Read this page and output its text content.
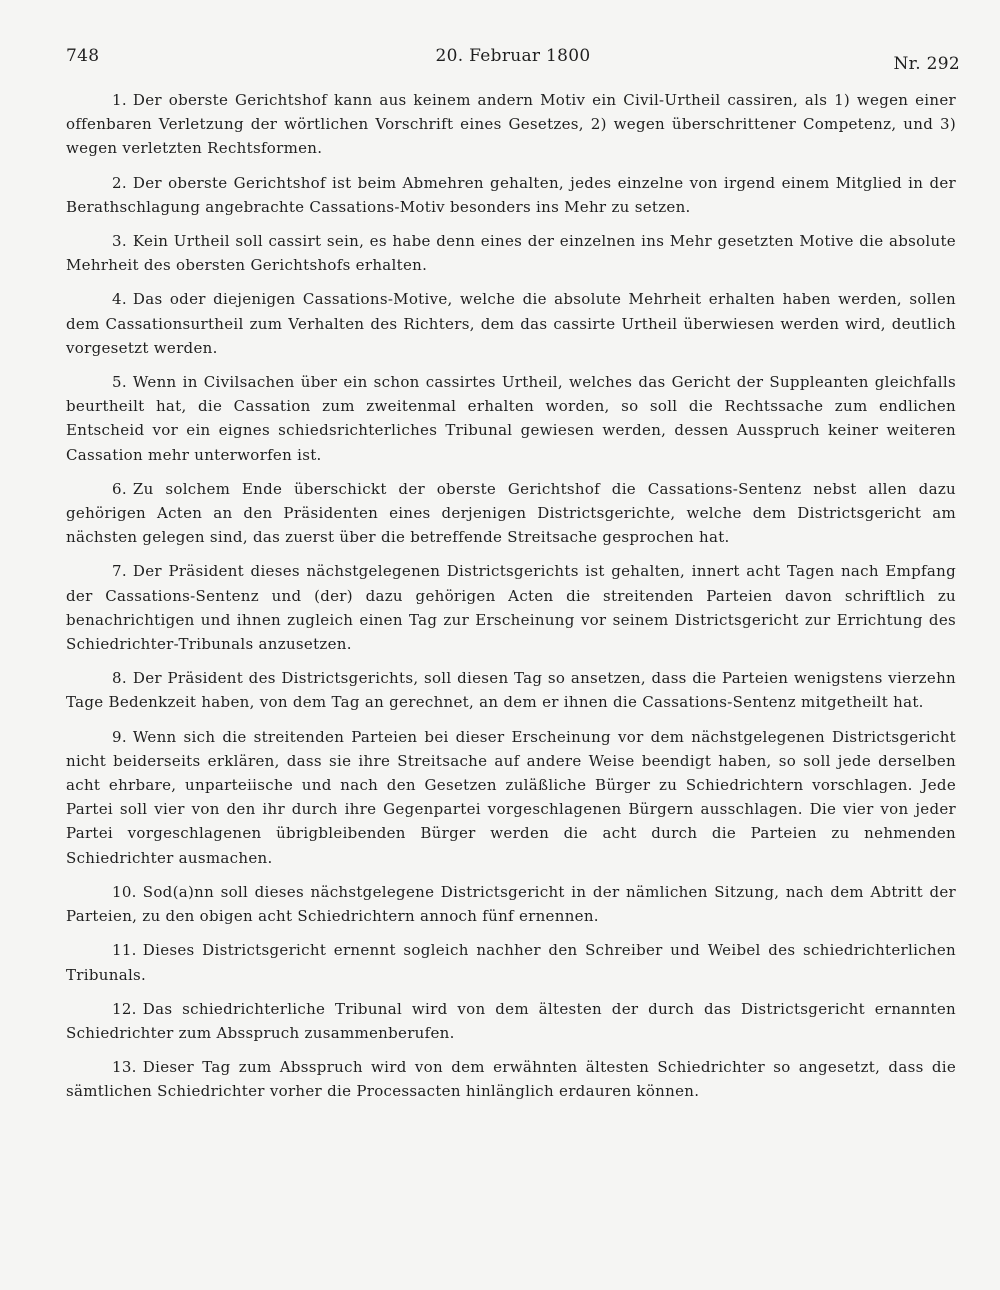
748	20. Februar 1800	Nr. 292

1. Der oberste Gerichtshof kann aus keinem andern Motiv ein Civil-Urtheil cassiren, als 1) wegen einer offenbaren Verletzung der wörtlichen Vorschrift eines Gesetzes, 2) wegen überschrittener Competenz, und 3) wegen verletzten Rechtsformen.

2. Der oberste Gerichtshof ist beim Abmehren gehalten, jedes einzelne von irgend einem Mitglied in der Berathschlagung angebrachte Cassations-Motiv besonders ins Mehr zu setzen.

3. Kein Urtheil soll cassirt sein, es habe denn eines der einzelnen ins Mehr gesetzten Motive die absolute Mehrheit des obersten Gerichtshofs erhalten.

4. Das oder diejenigen Cassations-Motive, welche die absolute Mehrheit erhalten haben werden, sollen dem Cassationsurtheil zum Verhalten des Richters, dem das cassirte Urtheil überwiesen werden wird, deutlich vorgesetzt werden.

5. Wenn in Civilsachen über ein schon cassirtes Urtheil, welches das Gericht der Suppleanten gleichfalls beurtheilt hat, die Cassation zum zweitenmal erhalten worden, so soll die Rechtssache zum endlichen Entscheid vor ein eignes schiedsrichterliches Tribunal gewiesen werden, dessen Ausspruch keiner weiteren Cassation mehr unterworfen ist.

6. Zu solchem Ende überschickt der oberste Gerichtshof die Cassations-Sentenz nebst allen dazu gehörigen Acten an den Präsidenten eines derjenigen Districtsgerichte, welche dem Districtsgericht am nächsten gelegen sind, das zuerst über die betreffende Streitsache gesprochen hat.

7. Der Präsident dieses nächstgelegenen Districtsgerichts ist gehalten, innert acht Tagen nach Empfang der Cassations-Sentenz und (der) dazu gehörigen Acten die streitenden Parteien davon schriftlich zu benachrichtigen und ihnen zugleich einen Tag zur Erscheinung vor seinem Districtsgericht zur Errichtung des Schiedrichter-Tribunals anzusetzen.

8. Der Präsident des Districtsgerichts, soll diesen Tag so ansetzen, dass die Parteien wenigstens vierzehn Tage Bedenkzeit haben, von dem Tag an gerechnet, an dem er ihnen die Cassations-Sentenz mitgetheilt hat.

9. Wenn sich die streitenden Parteien bei dieser Erscheinung vor dem nächstgelegenen Districtsgericht nicht beiderseits erklären, dass sie ihre Streitsache auf andere Weise beendigt haben, so soll jede derselben acht ehrbare, unparteiische und nach den Gesetzen zuläßliche Bürger zu Schiedrichtern vorschlagen. Jede Partei soll vier von den ihr durch ihre Gegenpartei vorgeschlagenen Bürgern ausschlagen. Die vier von jeder Partei vorgeschlagenen übrigbleibenden Bürger werden die acht durch die Parteien zu nehmenden Schiedrichter ausmachen.

10. Sod(a)nn soll dieses nächstgelegene Districtsgericht in der nämlichen Sitzung, nach dem Abtritt der Parteien, zu den obigen acht Schiedrichtern annoch fünf ernennen.

11. Dieses Districtsgericht ernennt sogleich nachher den Schreiber und Weibel des schiedrichterlichen Tribunals.

12. Das schiedrichterliche Tribunal wird von dem ältesten der durch das Districtsgericht ernannten Schiedrichter zum Absspruch zusammenberufen.

13. Dieser Tag zum Absspruch wird von dem erwähnten ältesten Schiedrichter so angesetzt, dass die sämtlichen Schiedrichter vorher die Processacten hinlänglich erdauren können.
